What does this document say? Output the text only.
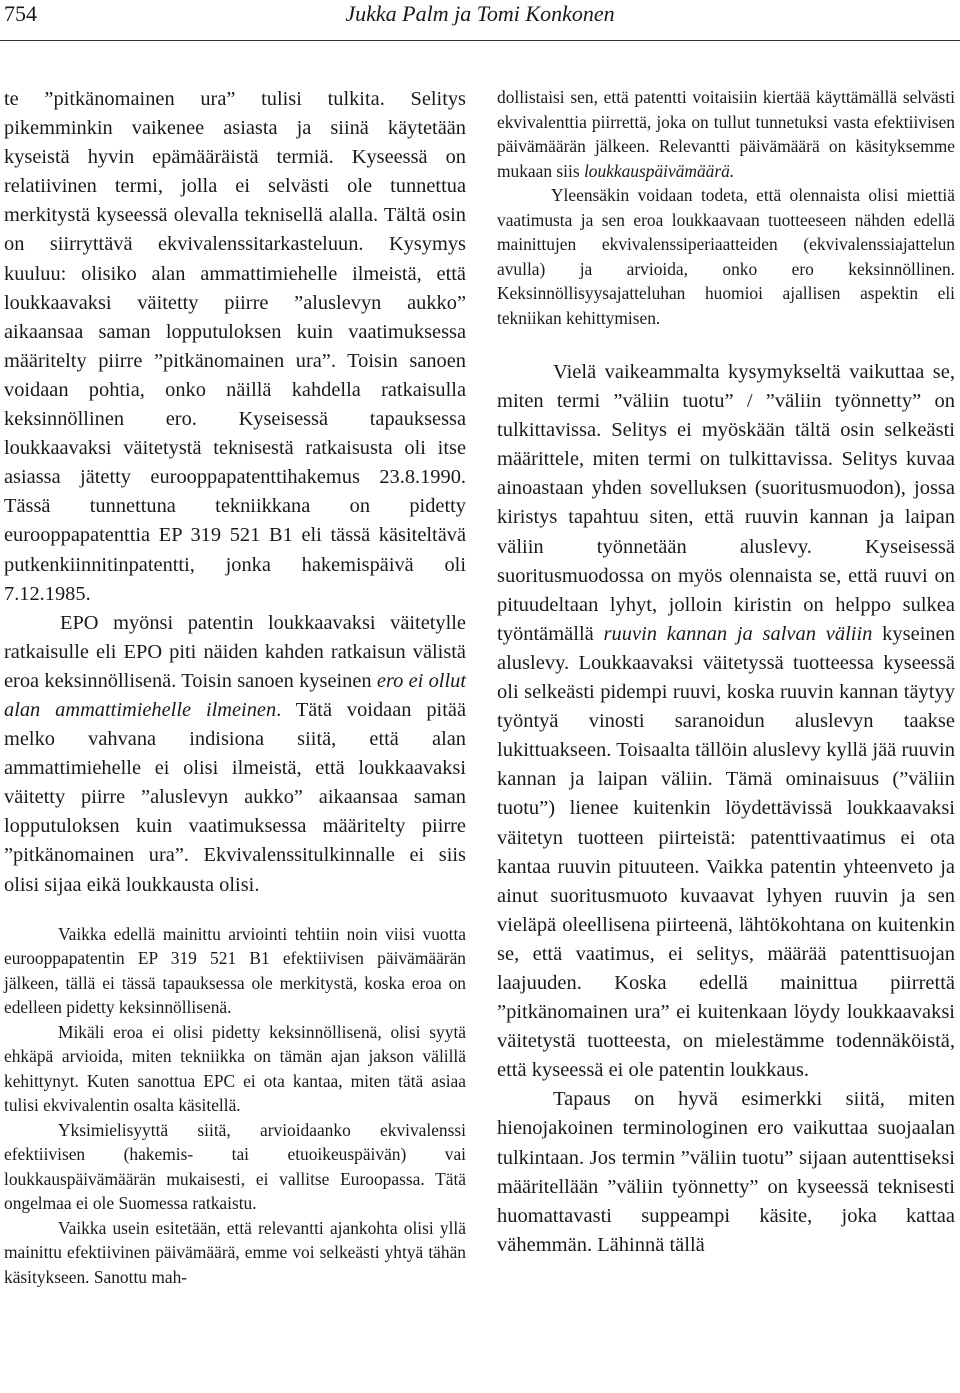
754	Jukka Palm ja Tomi Konkonen

te ”pitkänomainen ura” tulisi tulkita. Selitys pikemminkin vaikenee asiasta ja siinä käytetään kyseistä hyvin epämääräistä termiä. Kyseessä on relatiivinen termi, jolla ei selvästi ole tunnettua merkitystä kyseessä olevalla teknisellä alalla. Tältä osin on siirryttävä ekvivalenssitarkasteluun. Kysymys kuuluu: olisiko alan ammattimiehelle ilmeistä, että loukkaavaksi väitetty piirre ”aluslevyn aukko” aikaansaa saman lopputuloksen kuin vaatimuksessa määritelty piirre ”pitkänomainen ura”. Toisin sanoen voidaan pohtia, onko näillä kahdella ratkaisulla keksinnöllinen ero. Kyseisessä tapauksessa loukkaavaksi väitetystä teknisestä ratkaisusta oli itse asiassa jätetty eurooppapatenttihakemus 23.8.1990. Tässä tunnettuna tekniikkana on pidetty eurooppapatenttia EP 319 521 B1 eli tässä käsiteltävä putkenkiinnitinpatentti, jonka hakemispäivä oli 7.12.1985.

EPO myönsi patentin loukkaavaksi väitetylle ratkaisulle eli EPO piti näiden kahden ratkaisun välistä eroa keksinnöllisenä. Toisin sanoen kyseinen ero ei ollut alan ammattimiehelle ilmeinen. Tätä voidaan pitää melko vahvana indisiona siitä, että alan ammattimiehelle ei olisi ilmeistä, että loukkaavaksi väitetty piirre ”aluslevyn aukko” aikaansaa saman lopputuloksen kuin vaatimuksessa määritelty piirre ”pitkänomainen ura”. Ekvivalenssitulkinnalle ei siis olisi sijaa eikä loukkausta olisi.

Vaikka edellä mainittu arviointi tehtiin noin viisi vuotta eurooppapatentin EP 319 521 B1 efektiivisen päivämäärän jälkeen, tällä ei tässä tapauksessa ole merkitystä, koska eroa on edelleen pidetty keksinnöllisenä.

Mikäli eroa ei olisi pidetty keksinnöllisenä, olisi syytä ehkäpä arvioida, miten tekniikka on tämän ajan jakson välillä kehittynyt. Kuten sanottua EPC ei ota kantaa, miten tätä asiaa tulisi ekvivalentin osalta käsitellä.

Yksimielisyyttä siitä, arvioidaanko ekvivalenssi efektiivisen (hakemis- tai etuoikeuspäivän) vai loukkauspäivämäärän mukaisesti, ei vallitse Euroopassa. Tätä ongelmaa ei ole Suomessa ratkaistu.

Vaikka usein esitetään, että relevantti ajankohta olisi yllä mainittu efektiivinen päivämäärä, emme voi selkeästi yhtyä tähän käsitykseen. Sanottu mah-

dollistaisi sen, että patentti voitaisiin kiertää käyttämällä selvästi ekvivalenttia piirrettä, joka on tullut tunnetuksi vasta efektiivisen päivämäärän jälkeen. Relevantti päivämäärä on käsityksemme mukaan siis loukkauspäivämäärä.

Yleensäkin voidaan todeta, että olennaista olisi miettiä vaatimusta ja sen eroa loukkaavaan tuotteeseen nähden edellä mainittujen ekvivalenssiperiaatteiden (ekvivalenssiajattelun avulla) ja arvioida, onko ero keksinnöllinen. Keksinnöllisyysajatteluhan huomioi ajallisen aspektin eli tekniikan kehittymisen.

Vielä vaikeammalta kysymykseltä vaikuttaa se, miten termi ”väliin tuotu” / ”väliin työnnetty” on tulkittavissa. Selitys ei myöskään tältä osin selkeästi määrittele, miten termi on tulkittavissa. Selitys kuvaa ainoastaan yhden sovelluksen (suoritusmuodon), jossa kiristys tapahtuu siten, että ruuvin kannan ja laipan väliin työnnetään aluslevy. Kyseisessä suoritusmuodossa on myös olennaista se, että ruuvi on pituudeltaan lyhyt, jolloin kiristin on helppo sulkea työntämällä ruuvin kannan ja salvan väliin kyseinen aluslevy. Loukkaavaksi väitetyssä tuotteessa kyseessä oli selkeästi pidempi ruuvi, koska ruuvin kannan täytyy työntyä vinosti saranoidun aluslevyn taakse lukittuakseen. Toisaalta tällöin aluslevy kyllä jää ruuvin kannan ja laipan väliin. Tämä ominaisuus (”väliin tuotu”) lienee kuitenkin löydettävissä loukkaavaksi väitetyn tuotteen piirteistä: patenttivaatimus ei ota kantaa ruuvin pituuteen. Vaikka patentin yhteenveto ja ainut suoritusmuoto kuvaavat lyhyen ruuvin ja sen vieläpä oleellisena piirteenä, lähtökohtana on kuitenkin se, että vaatimus, ei selitys, määrää patenttisuojan laajuuden. Koska edellä mainittua piirrettä ”pitkänomainen ura” ei kuitenkaan löydy loukkaavaksi väitetystä tuotteesta, on mielestämme todennäköistä, että kyseessä ei ole patentin loukkaus.

Tapaus on hyvä esimerkki siitä, miten hienojakoinen terminologinen ero vaikuttaa suojaalan tulkintaan. Jos termin ”väliin tuotu” sijaan autenttiseksi määritellään ”väliin työnnetty” on kyseessä teknisesti huomattavasti suppeampi käsite, joka kattaa vähemmän. Lähinnä tällä
